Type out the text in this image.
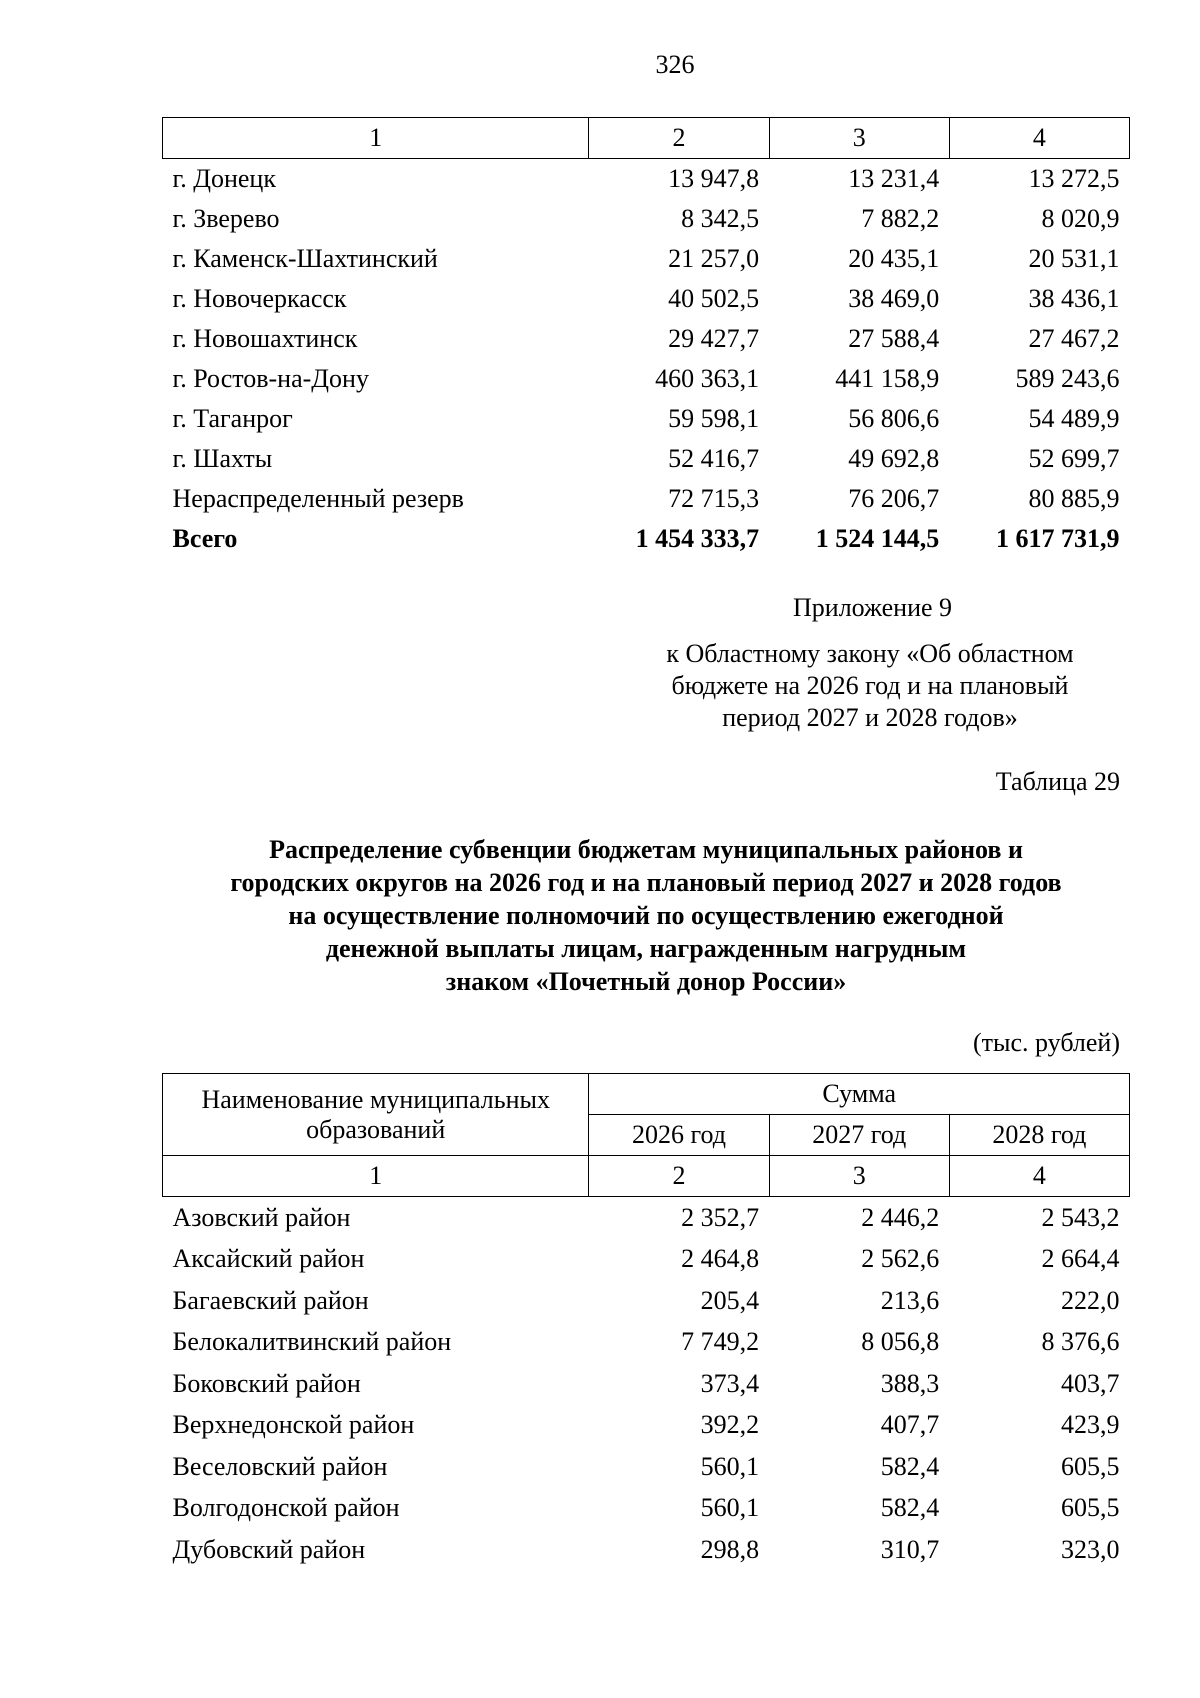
326
1	2	3	4
г. Донецк	13 947,8	13 231,4	13 272,5
г. Зверево	8 342,5	7 882,2	8 020,9
г. Каменск-Шахтинский	21 257,0	20 435,1	20 531,1
г. Новочеркасск	40 502,5	38 469,0	38 436,1
г. Новошахтинск	29 427,7	27 588,4	27 467,2
г. Ростов-на-Дону	460 363,1	441 158,9	589 243,6
г. Таганрог	59 598,1	56 806,6	54 489,9
г. Шахты	52 416,7	49 692,8	52 699,7
Нераспределенный резерв	72 715,3	76 206,7	80 885,9
Всего	1 454 333,7	1 524 144,5	1 617 731,9
Приложение 9
к Областному закону «Об областном
бюджете на 2026 год и на плановый
период 2027 и 2028 годов»
Таблица 29
Распределение субвенции бюджетам муниципальных районов и
городских округов на 2026 год и на плановый период 2027 и 2028 годов
на осуществление полномочий по осуществлению ежегодной
денежной выплаты лицам, награжденным нагрудным
знаком «Почетный донор России»
(тыс. рублей)
Наименование муниципальных
образований	Сумма		
	2026 год	2027 год	2028 год
1	2	3	4
Азовский район	2 352,7	2 446,2	2 543,2
Аксайский район	2 464,8	2 562,6	2 664,4
Багаевский район	205,4	213,6	222,0
Белокалитвинский район	7 749,2	8 056,8	8 376,6
Боковский район	373,4	388,3	403,7
Верхнедонской район	392,2	407,7	423,9
Веселовский район	560,1	582,4	605,5
Волгодонской район	560,1	582,4	605,5
Дубовский район	298,8	310,7	323,0
